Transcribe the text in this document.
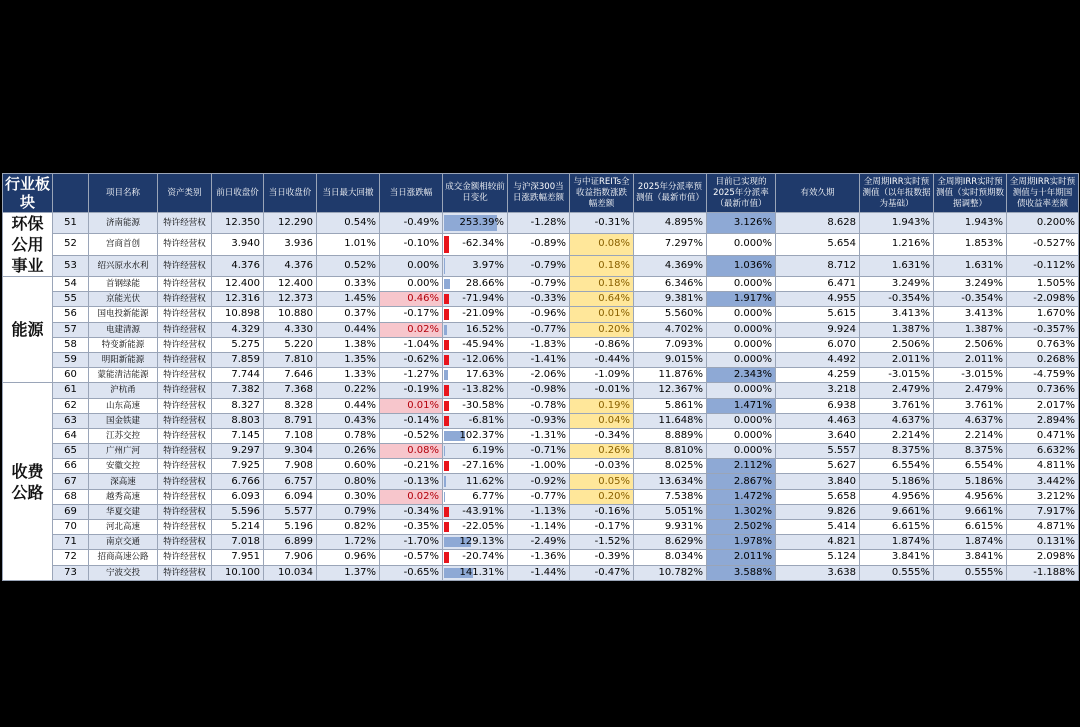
行业板块		项目名称	资产类别	前日收盘价	当日收盘价	当日最大回撤	当日涨跌幅	成交金额相较前日变化	与沪深300当日涨跌幅差额	与中证REITs全收益指数涨跌幅差额	2025年分派率预测值（最新市值）	目前已实现的2025年分派率（最新市值）	有效久期	全周期IRR实时预测值（以年报数据为基础）	全周期IRR实时预测值（实时预期数据调整）	全周期IRR实时预测值与十年期国债收益率差额
环保公用事业	51	济南能源	特许经营权	12.350	12.290	0.54%	-0.49%	253.39%	-1.28%	-0.31%	4.895%	3.126%	8.628	1.943%	1.943%	0.200%
	52	宫商首创	特许经营权	3.940	3.936	1.01%	-0.10%	-62.34%	-0.89%	0.08%	7.297%	0.000%	5.654	1.216%	1.853%	-0.527%
	53	绍兴原水水利	特许经营权	4.376	4.376	0.52%	0.00%	3.97%	-0.79%	0.18%	4.369%	1.036%	8.712	1.631%	1.631%	-0.112%
能源	54	首钢绿能	特许经营权	12.400	12.400	0.33%	0.00%	28.66%	-0.79%	0.18%	6.346%	0.000%	6.471	3.249%	3.249%	1.505%
	55	京能光伏	特许经营权	12.316	12.373	1.45%	0.46%	-71.94%	-0.33%	0.64%	9.381%	1.917%	4.955	-0.354%	-0.354%	-2.098%
	56	国电投新能源	特许经营权	10.898	10.880	0.37%	-0.17%	-21.09%	-0.96%	0.01%	5.560%	0.000%	5.615	3.413%	3.413%	1.670%
	57	电建清源	特许经营权	4.329	4.330	0.44%	0.02%	16.52%	-0.77%	0.20%	4.702%	0.000%	9.924	1.387%	1.387%	-0.357%
	58	特变新能源	特许经营权	5.275	5.220	1.38%	-1.04%	-45.94%	-1.83%	-0.86%	7.093%	0.000%	6.070	2.506%	2.506%	0.763%
	59	明阳新能源	特许经营权	7.859	7.810	1.35%	-0.62%	-12.06%	-1.41%	-0.44%	9.015%	0.000%	4.492	2.011%	2.011%	0.268%
	60	蒙能清洁能源	特许经营权	7.744	7.646	1.33%	-1.27%	17.63%	-2.06%	-1.09%	11.876%	2.343%	4.259	-3.015%	-3.015%	-4.759%
收费公路	61	沪杭甬	特许经营权	7.382	7.368	0.22%	-0.19%	-13.82%	-0.98%	-0.01%	12.367%	0.000%	3.218	2.479%	2.479%	0.736%
	62	山东高速	特许经营权	8.327	8.328	0.44%	0.01%	-30.58%	-0.78%	0.19%	5.861%	1.471%	6.938	3.761%	3.761%	2.017%
	63	国金铁建	特许经营权	8.803	8.791	0.43%	-0.14%	-6.81%	-0.93%	0.04%	11.648%	0.000%	4.463	4.637%	4.637%	2.894%
	64	江苏交控	特许经营权	7.145	7.108	0.78%	-0.52%	102.37%	-1.31%	-0.34%	8.889%	0.000%	3.640	2.214%	2.214%	0.471%
	65	广州广河	特许经营权	9.297	9.304	0.26%	0.08%	6.19%	-0.71%	0.26%	8.810%	0.000%	5.557	8.375%	8.375%	6.632%
	66	安徽交控	特许经营权	7.925	7.908	0.60%	-0.21%	-27.16%	-1.00%	-0.03%	8.025%	2.112%	5.627	6.554%	6.554%	4.811%
	67	深高速	特许经营权	6.766	6.757	0.80%	-0.13%	11.62%	-0.92%	0.05%	13.634%	2.867%	3.840	5.186%	5.186%	3.442%
	68	越秀高速	特许经营权	6.093	6.094	0.30%	0.02%	6.77%	-0.77%	0.20%	7.538%	1.472%	5.658	4.956%	4.956%	3.212%
	69	华夏交建	特许经营权	5.596	5.577	0.79%	-0.34%	-43.91%	-1.13%	-0.16%	5.051%	1.302%	9.826	9.661%	9.661%	7.917%
	70	河北高速	特许经营权	5.214	5.196	0.82%	-0.35%	-22.05%	-1.14%	-0.17%	9.931%	2.502%	5.414	6.615%	6.615%	4.871%
	71	南京交通	特许经营权	7.018	6.899	1.72%	-1.70%	129.13%	-2.49%	-1.52%	8.629%	1.978%	4.821	1.874%	1.874%	0.131%
	72	招商高速公路	特许经营权	7.951	7.906	0.96%	-0.57%	-20.74%	-1.36%	-0.39%	8.034%	2.011%	5.124	3.841%	3.841%	2.098%
	73	宁波交投	特许经营权	10.100	10.034	1.37%	-0.65%	141.31%	-1.44%	-0.47%	10.782%	3.588%	3.638	0.555%	0.555%	-1.188%
